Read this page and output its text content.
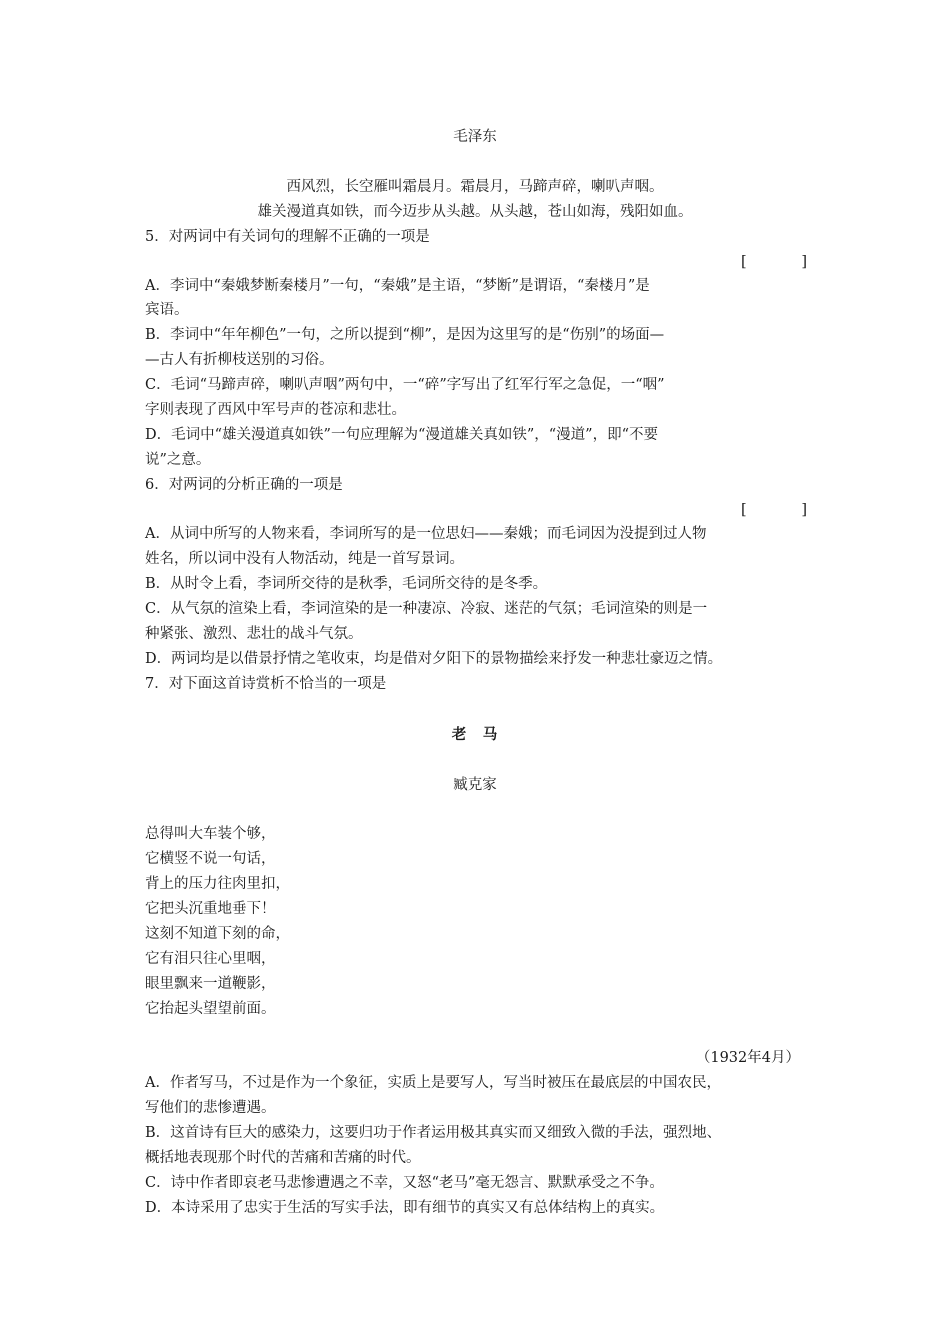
毛泽东
西风烈，长空雁叫霜晨月。霜晨月，马蹄声碎，喇叭声咽。
雄关漫道真如铁，而今迈步从头越。从头越，苍山如海，残阳如血。
5．对两词中有关词句的理解不正确的一项是
[	]
A．李词中“秦娥梦断秦楼月”一句，“秦娥”是主语，“梦断”是谓语，“秦楼月”是
宾语。
B．李词中“年年柳色”一句，之所以提到“柳”，是因为这里写的是“伤别”的场面—
—古人有折柳枝送别的习俗。
C．毛词“马蹄声碎，喇叭声咽”两句中，一“碎”字写出了红军行军之急促，一“咽”
字则表现了西风中军号声的苍凉和悲壮。
D．毛词中“雄关漫道真如铁”一句应理解为“漫道雄关真如铁”，“漫道”，即“不要
说”之意。
6．对两词的分析正确的一项是
[	]
A．从词中所写的人物来看，李词所写的是一位思妇——秦娥；而毛词因为没提到过人物
姓名，所以词中没有人物活动，纯是一首写景词。
B．从时令上看，李词所交待的是秋季，毛词所交待的是冬季。
C．从气氛的渲染上看，李词渲染的是一种凄凉、冷寂、迷茫的气氛；毛词渲染的则是一
种紧张、激烈、悲壮的战斗气氛。
D．两词均是以借景抒情之笔收束，均是借对夕阳下的景物描绘来抒发一种悲壮豪迈之情。
7．对下面这首诗赏析不恰当的一项是
老　马
臧克家
总得叫大车装个够，
它横竖不说一句话，
背上的压力往肉里扣，
它把头沉重地垂下！
这刻不知道下刻的命，
它有泪只往心里咽，
眼里飘来一道鞭影，
它抬起头望望前面。
（1932年4月）
A．作者写马，不过是作为一个象征，实质上是要写人，写当时被压在最底层的中国农民，
写他们的悲惨遭遇。
B．这首诗有巨大的感染力，这要归功于作者运用极其真实而又细致入微的手法，强烈地、
概括地表现那个时代的苦痛和苦痛的时代。
C．诗中作者即哀老马悲惨遭遇之不幸，又怒“老马”毫无怨言、默默承受之不争。
D．本诗采用了忠实于生活的写实手法，即有细节的真实又有总体结构上的真实。
